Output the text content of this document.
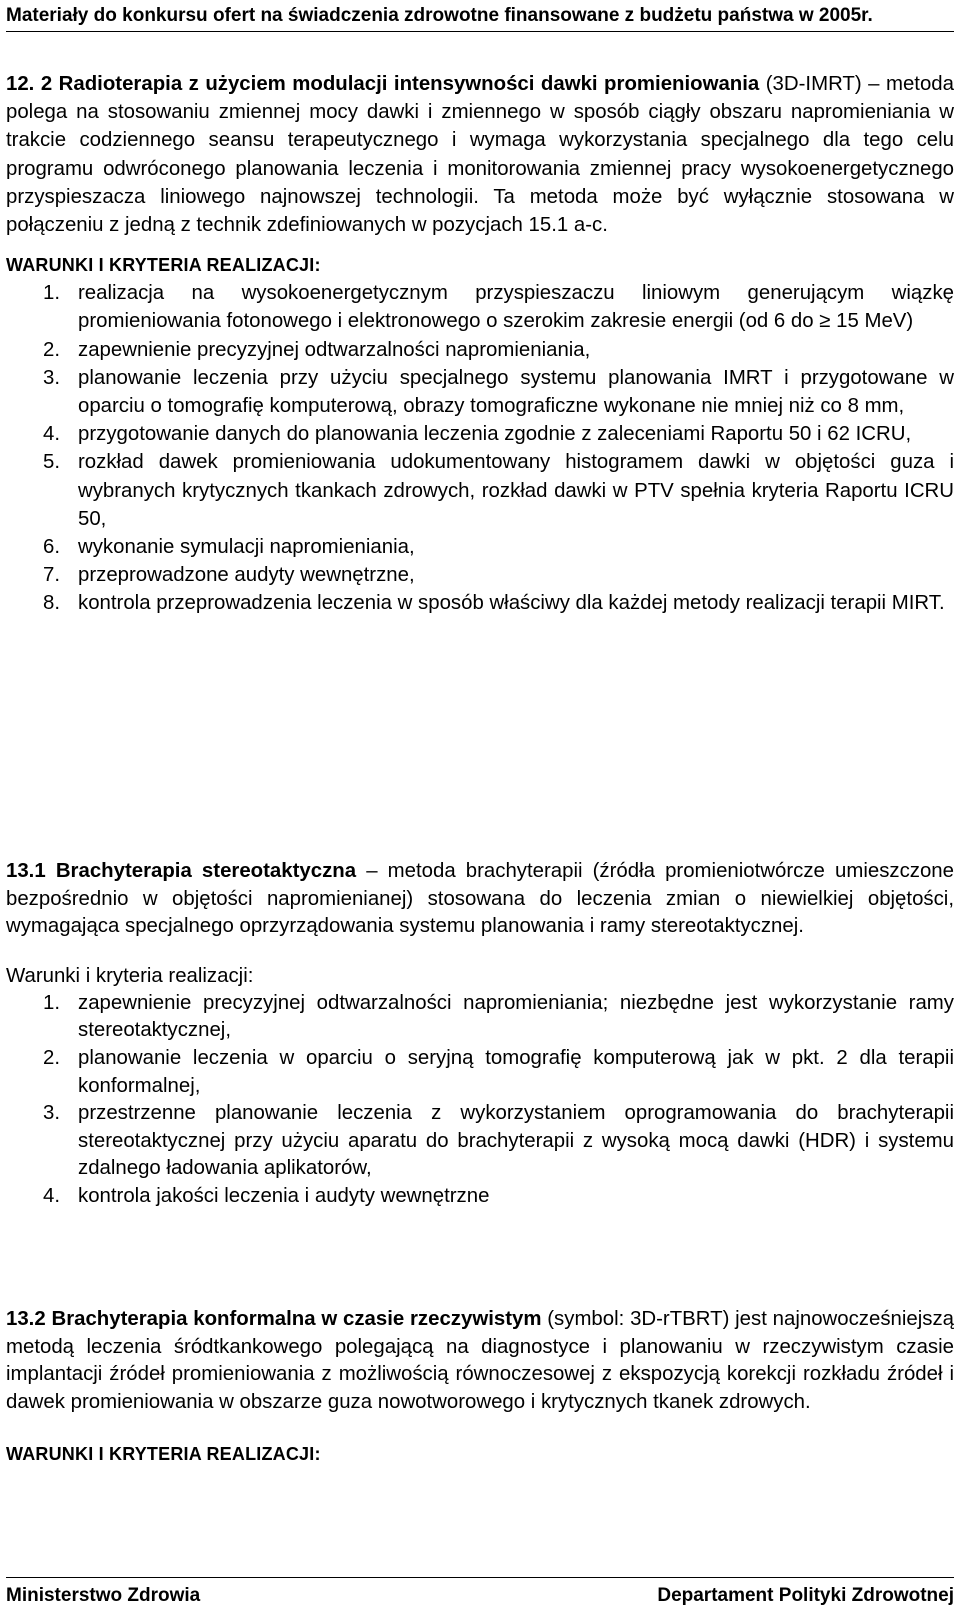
Materiały do konkursu ofert na świadczenia zdrowotne finansowane z budżetu państwa w 2005r.

12. 2 Radioterapia z użyciem modulacji intensywności dawki promieniowania (3D-IMRT) – metoda polega na stosowaniu zmiennej mocy dawki i zmiennego w sposób ciągły obszaru napromieniania w trakcie codziennego seansu terapeutycznego i wymaga wykorzystania specjalnego dla tego celu programu odwróconego planowania leczenia i monitorowania zmiennej pracy wysokoenergetycznego przyspieszacza liniowego najnowszej technologii. Ta metoda może być wyłącznie stosowana w połączeniu z jedną z technik zdefiniowanych w pozycjach 15.1 a-c.

WARUNKI I KRYTERIA REALIZACJI:

1. realizacja na wysokoenergetycznym przyspieszaczu liniowym generującym wiązkę promieniowania fotonowego i elektronowego o szerokim zakresie energii (od 6 do ≥ 15 MeV)
2. zapewnienie precyzyjnej odtwarzalności napromieniania,
3. planowanie leczenia przy użyciu specjalnego systemu planowania IMRT i przygotowane w oparciu o tomografię komputerową, obrazy tomograficzne wykonane nie mniej niż co 8 mm,
4. przygotowanie danych do planowania leczenia zgodnie z zaleceniami Raportu 50 i 62 ICRU,
5. rozkład dawek promieniowania udokumentowany histogramem dawki w objętości guza i wybranych krytycznych tkankach zdrowych, rozkład dawki w PTV spełnia kryteria Raportu ICRU 50,
6. wykonanie symulacji napromieniania,
7. przeprowadzone audyty wewnętrzne,
8. kontrola przeprowadzenia leczenia w sposób właściwy dla każdej metody realizacji terapii MIRT.

13.1 Brachyterapia stereotaktyczna – metoda brachyterapii (źródła promieniotwórcze umieszczone bezpośrednio w objętości napromienianej) stosowana do leczenia zmian o niewielkiej objętości, wymagająca specjalnego oprzyrządowania systemu planowania i ramy stereotaktycznej.

Warunki i kryteria realizacji:

1. zapewnienie precyzyjnej odtwarzalności napromieniania; niezbędne jest wykorzystanie ramy stereotaktycznej,
2. planowanie leczenia w oparciu o seryjną tomografię komputerową jak w pkt. 2 dla terapii konformalnej,
3. przestrzenne planowanie leczenia z wykorzystaniem oprogramowania do brachyterapii stereotaktycznej przy użyciu aparatu do brachyterapii z wysoką mocą dawki (HDR) i systemu zdalnego ładowania aplikatorów,
4. kontrola jakości leczenia i audyty wewnętrzne

13.2 Brachyterapia konformalna w czasie rzeczywistym (symbol: 3D-rTBRT) jest najnowocześniejszą metodą leczenia śródtkankowego polegającą na diagnostyce i planowaniu w rzeczywistym czasie implantacji źródeł promieniowania z możliwością równoczesowej z ekspozycją korekcji rozkładu źródeł i dawek promieniowania w obszarze guza nowotworowego i krytycznych tkanek zdrowych.

WARUNKI I KRYTERIA REALIZACJI:

Ministerstwo Zdrowia	Departament Polityki Zdrowotnej
